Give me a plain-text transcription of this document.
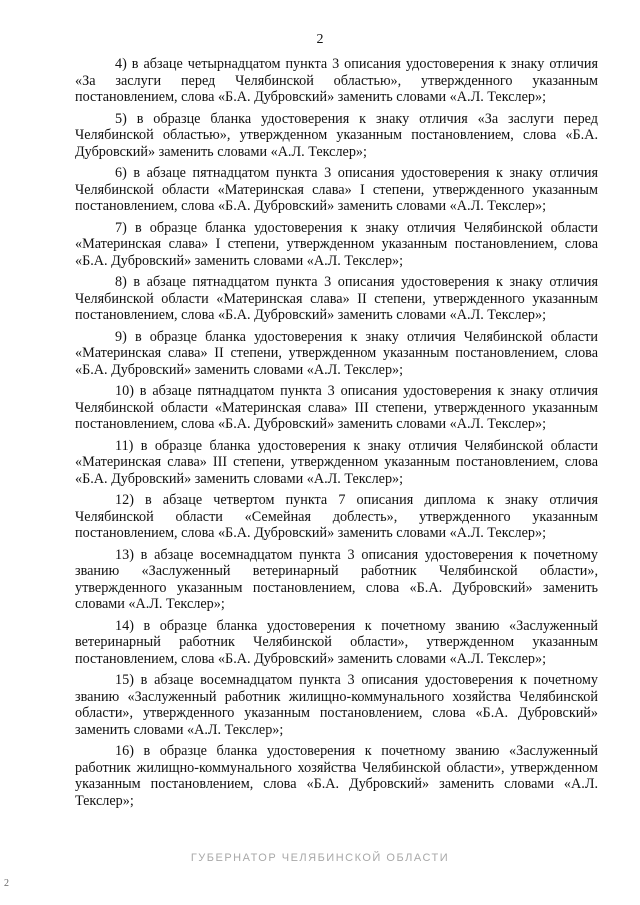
2

4) в абзаце четырнадцатом пункта 3 описания удостоверения к знаку отличия «За заслуги перед Челябинской областью», утвержденного указанным постановлением, слова «Б.А. Дубровский» заменить словами «А.Л. Текслер»;

5) в образце бланка удостоверения к знаку отличия «За заслуги перед Челябинской областью», утвержденном указанным постановлением, слова «Б.А. Дубровский» заменить словами «А.Л. Текслер»;

6) в абзаце пятнадцатом пункта 3 описания удостоверения к знаку отличия Челябинской области «Материнская слава» I степени, утвержденного указанным постановлением, слова «Б.А. Дубровский» заменить словами «А.Л. Текслер»;

7) в образце бланка удостоверения к знаку отличия Челябинской области «Материнская слава» I степени, утвержденном указанным постановлением, слова «Б.А. Дубровский» заменить словами «А.Л. Текслер»;

8) в абзаце пятнадцатом пункта 3 описания удостоверения к знаку отличия Челябинской области «Материнская слава» II степени, утвержденного указанным постановлением, слова «Б.А. Дубровский» заменить словами «А.Л. Текслер»;

9) в образце бланка удостоверения к знаку отличия Челябинской области «Материнская слава» II степени, утвержденном указанным постановлением, слова «Б.А. Дубровский» заменить словами «А.Л. Текслер»;

10) в абзаце пятнадцатом пункта 3 описания удостоверения к знаку отличия Челябинской области «Материнская слава» III степени, утвержденного указанным постановлением, слова «Б.А. Дубровский» заменить словами «А.Л. Текслер»;

11) в образце бланка удостоверения к знаку отличия Челябинской области «Материнская слава» III степени, утвержденном указанным постановлением, слова «Б.А. Дубровский» заменить словами «А.Л. Текслер»;

12) в абзаце четвертом пункта 7 описания диплома к знаку отличия Челябинской области «Семейная доблесть», утвержденного указанным постановлением, слова «Б.А. Дубровский» заменить словами «А.Л. Текслер»;

13) в абзаце восемнадцатом пункта 3 описания удостоверения к почетному званию «Заслуженный ветеринарный работник Челябинской области», утвержденного указанным постановлением, слова «Б.А. Дубровский» заменить словами «А.Л. Текслер»;

14) в образце бланка удостоверения к почетному званию «Заслуженный ветеринарный работник Челябинской области», утвержденном указанным постановлением, слова «Б.А. Дубровский» заменить словами «А.Л. Текслер»;

15) в абзаце восемнадцатом пункта 3 описания удостоверения к почетному званию «Заслуженный работник жилищно-коммунального хозяйства Челябинской области», утвержденного указанным постановлением, слова «Б.А. Дубровский» заменить словами «А.Л. Текслер»;

16) в образце бланка удостоверения к почетному званию «Заслуженный работник жилищно-коммунального хозяйства Челябинской области», утвержденном указанным постановлением, слова «Б.А. Дубровский» заменить словами «А.Л. Текслер»;

ГУБЕРНАТОР ЧЕЛЯБИНСКОЙ ОБЛАСТИ
2
